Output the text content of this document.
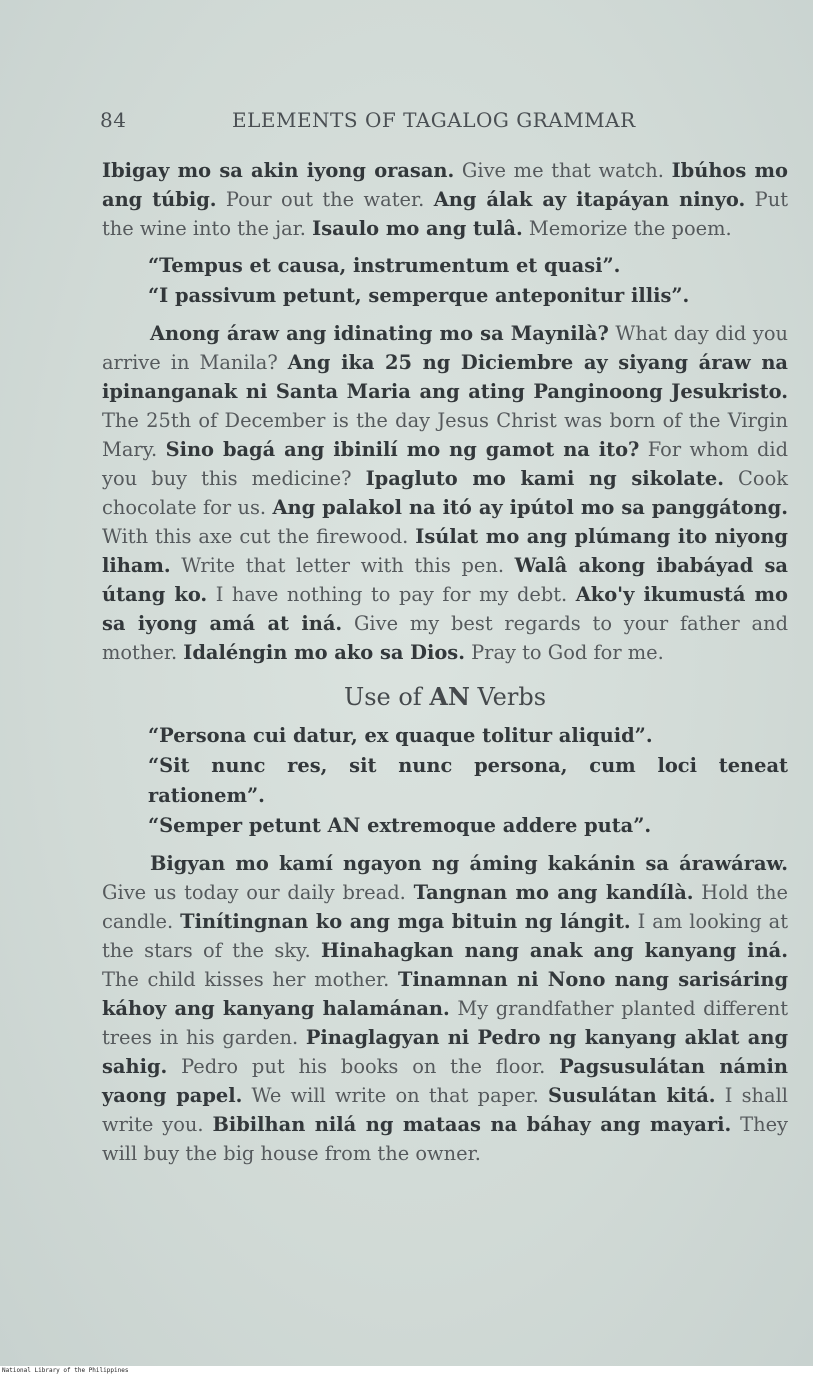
84	ELEMENTS OF TAGALOG GRAMMAR

Ibigay mo sa akin iyong orasan. Give me that watch. Ibúhos mo ang túbig. Pour out the water. Ang álak ay itapáyan ninyo. Put the wine into the jar. Isaulo mo ang tulâ. Memorize the poem.

“Tempus et causa, instrumentum et quasi”.

“I passivum petunt, semperque anteponitur illis”.

Anong áraw ang idinating mo sa Maynilà? What day did you arrive in Manila? Ang ika 25 ng Diciembre ay siyang áraw na ipinanganak ni Santa Maria ang ating Panginoong Jesukristo. The 25th of December is the day Jesus Christ was born of the Virgin Mary. Sino bagá ang ibinilí mo ng gamot na ito? For whom did you buy this medicine? Ipagluto mo kami ng sikolate. Cook chocolate for us. Ang palakol na itó ay ipútol mo sa panggátong. With this axe cut the firewood. Isúlat mo ang plúmang ito niyong liham. Write that letter with this pen. Walâ akong ibabáyad sa útang ko. I have nothing to pay for my debt. Ako'y ikumustá mo sa iyong amá at iná. Give my best regards to your father and mother. Idaléngin mo ako sa Dios. Pray to God for me.

Use of AN Verbs

“Persona cui datur, ex quaque tolitur aliquid”.

“Sit nunc res, sit nunc persona, cum loci teneat rationem”.

“Semper petunt AN extremoque addere puta”.

Bigyan mo kamí ngayon ng áming kakánin sa árawáraw. Give us today our daily bread. Tangnan mo ang kandílà. Hold the candle. Tinítingnan ko ang mga bituin ng lángit. I am looking at the stars of the sky. Hinahagkan nang anak ang kanyang iná. The child kisses her mother. Tinamnan ni Nono nang sarisáring káhoy ang kanyang halamánan. My grandfather planted different trees in his garden. Pinaglagyan ni Pedro ng kanyang aklat ang sahig. Pedro put his books on the floor. Pagsusulátan námin yaong papel. We will write on that paper. Susulátan kitá. I shall write you. Bibilhan nilá ng mataas na báhay ang mayari. They will buy the big house from the owner.

National Library of the Philippines
